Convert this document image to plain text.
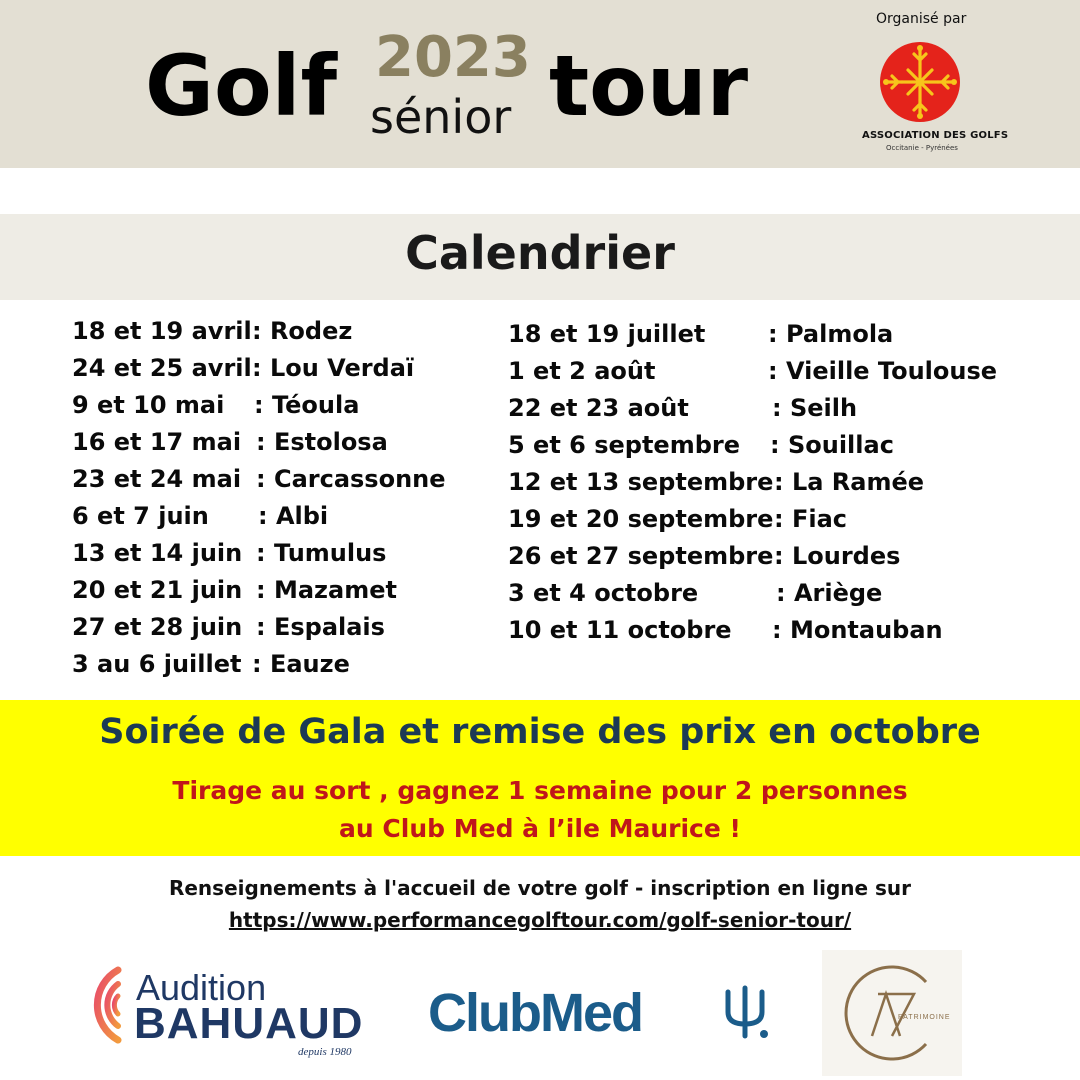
Golf 2023
sénior tour
Organisé par
ASSOCIATION DES GOLFS
Occitanie - Pyrénées
Calendrier
18 et 19 avril : Rodez
24 et 25 avril : Lou Verdaï
9 et 10 mai : Téoula
16 et 17 mai : Estolosa
23 et 24 mai : Carcassonne
6 et 7 juin : Albi
13 et 14 juin : Tumulus
20 et 21 juin : Mazamet
27 et 28 juin : Espalais
3 au 6 juillet : Eauze
18 et 19 juillet	: Palmola
1 et 2 août	: Vieille Toulouse
22 et 23 août	: Seilh
5 et 6 septembre : Souillac
12 et 13 septembre : La Ramée
19 et 20 septembre : Fiac
26 et 27 septembre : Lourdes
3 et 4 octobre	: Ariège
10 et 11 octobre : Montauban
Soirée de Gala et remise des prix en octobre
Tirage au sort , gagnez 1 semaine pour 2 personnes
au Club Med à l’ile Maurice !
Renseignements à l'accueil de votre golf - inscription en ligne sur
https://www.performancegolftour.com/golf-senior-tour/
Audition
BAHUAUD
depuis 1980
ClubMed	PATRIMOINE
